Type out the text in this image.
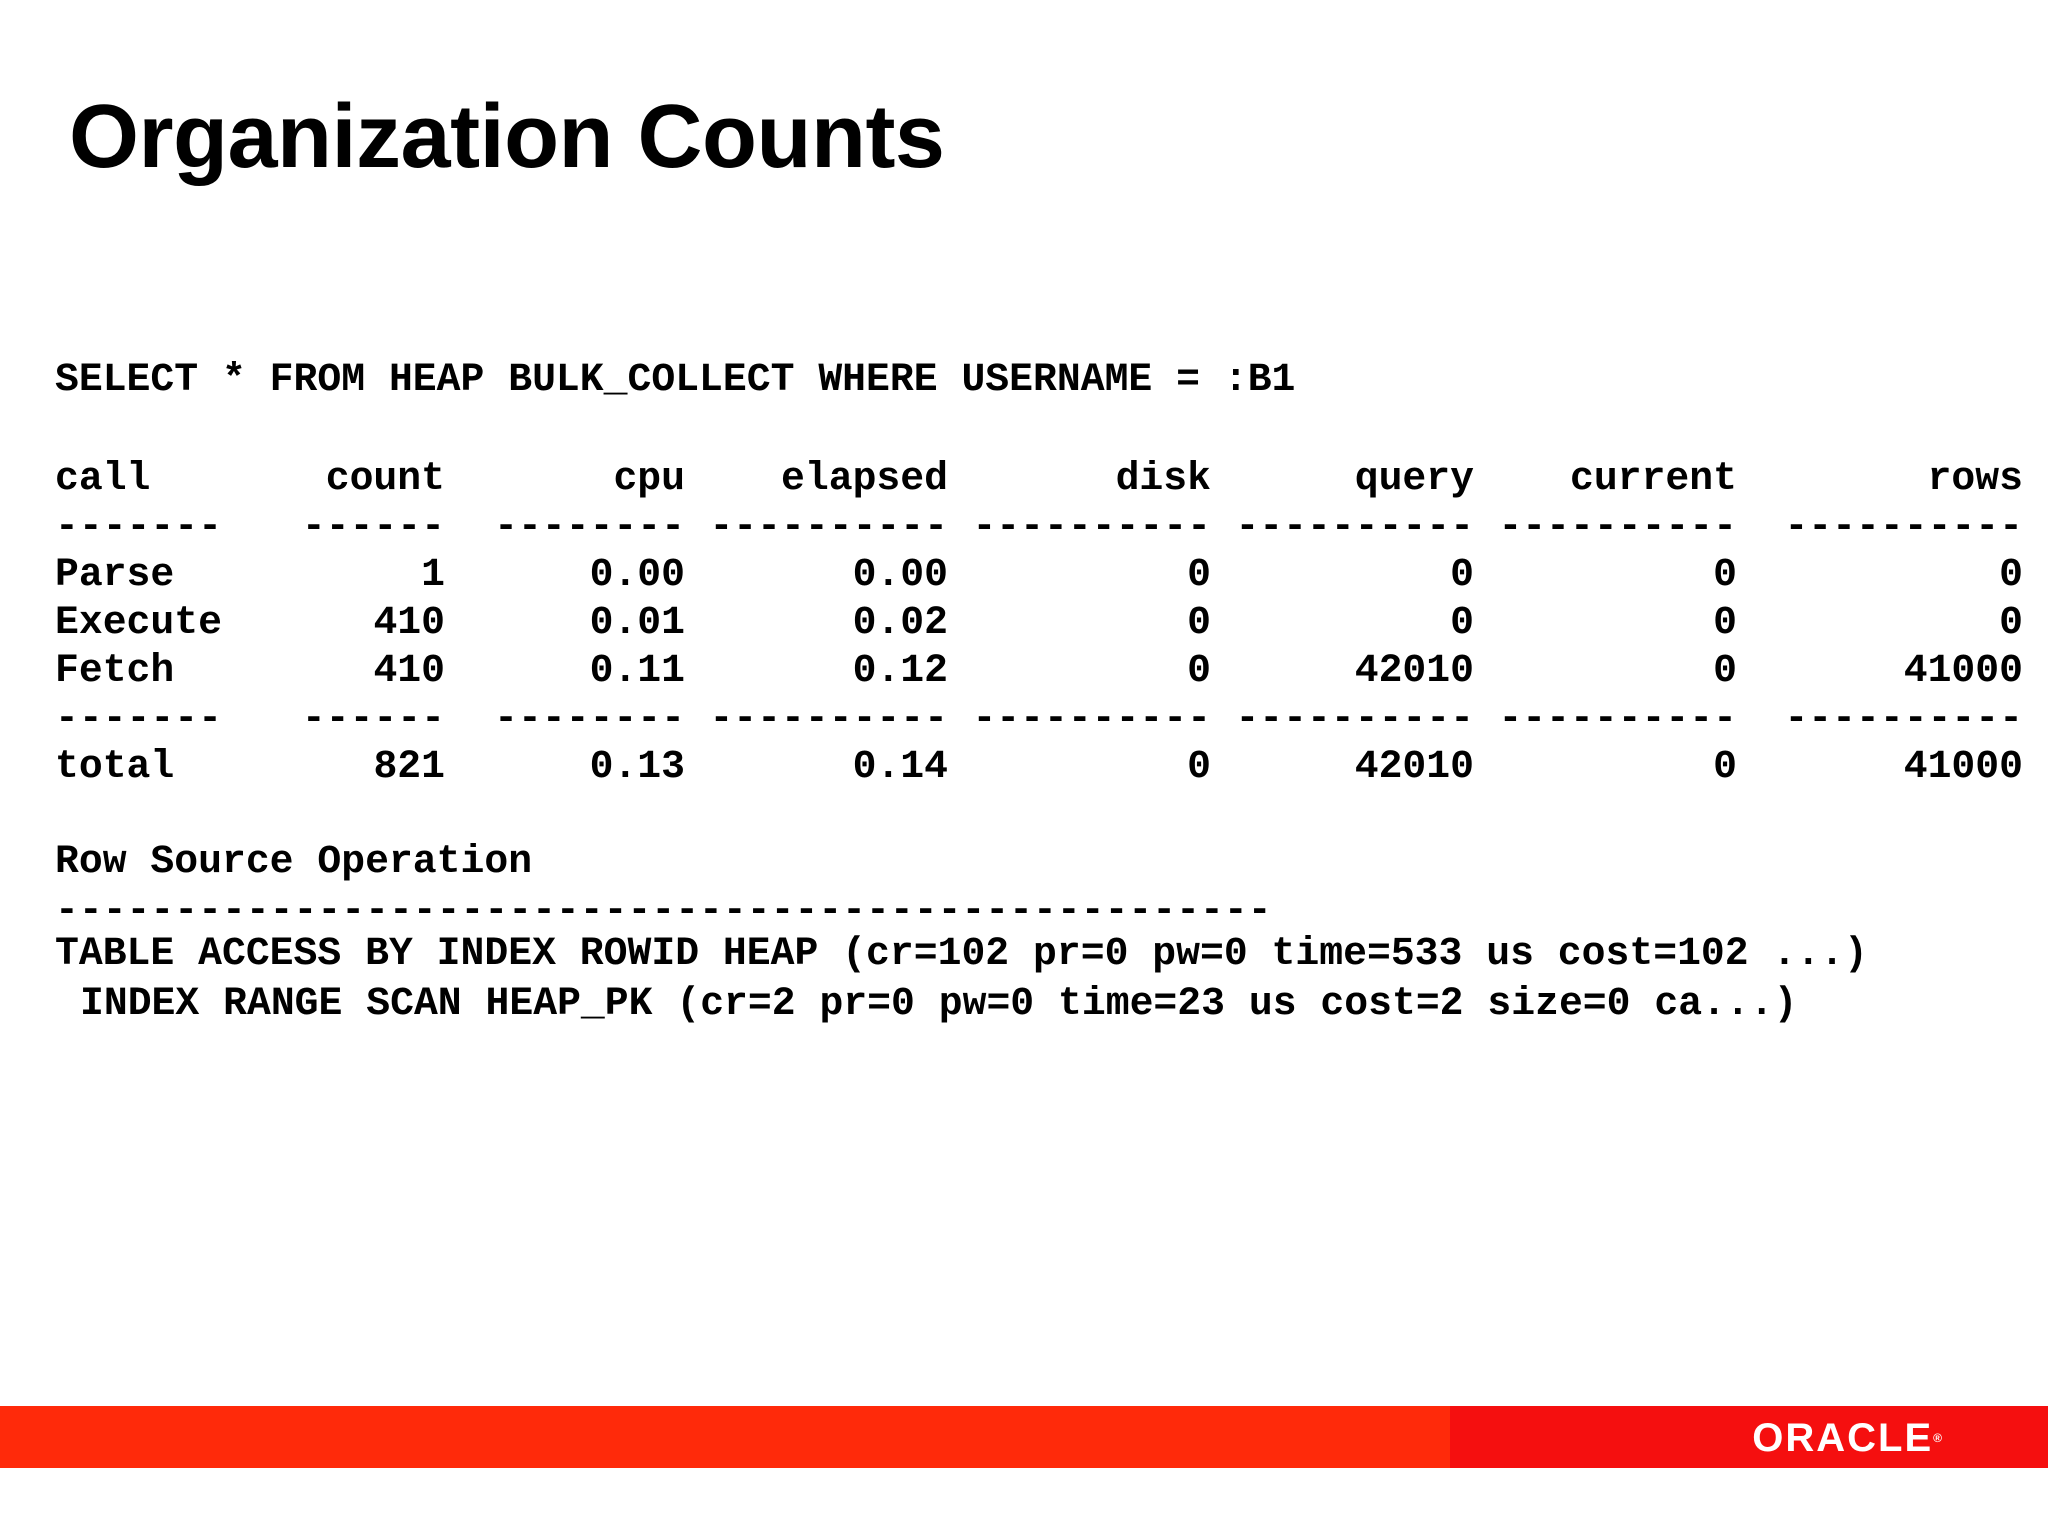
Organization Counts

SELECT * FROM HEAP BULK_COLLECT WHERE USERNAME = :B1

call	count	cpu	elapsed	disk	query	current	rows
-------	------	--------	----------	----------	----------	----------	----------
Parse	1	0.00	0.00	0	0	0	0
Execute	410	0.01	0.02	0	0	0	0
Fetch	410	0.11	0.12	0	42010	0	41000
-------	------	--------	----------	----------	----------	----------	----------
total	821	0.13	0.14	0	42010	0	41000

Row Source Operation

---------------------------------------------------

TABLE ACCESS BY INDEX ROWID HEAP (cr=102 pr=0 pw=0 time=533 us cost=102 ...)

INDEX RANGE SCAN HEAP_PK (cr=2 pr=0 pw=0 time=23 us cost=2 size=0 ca...)

ORACLE®
